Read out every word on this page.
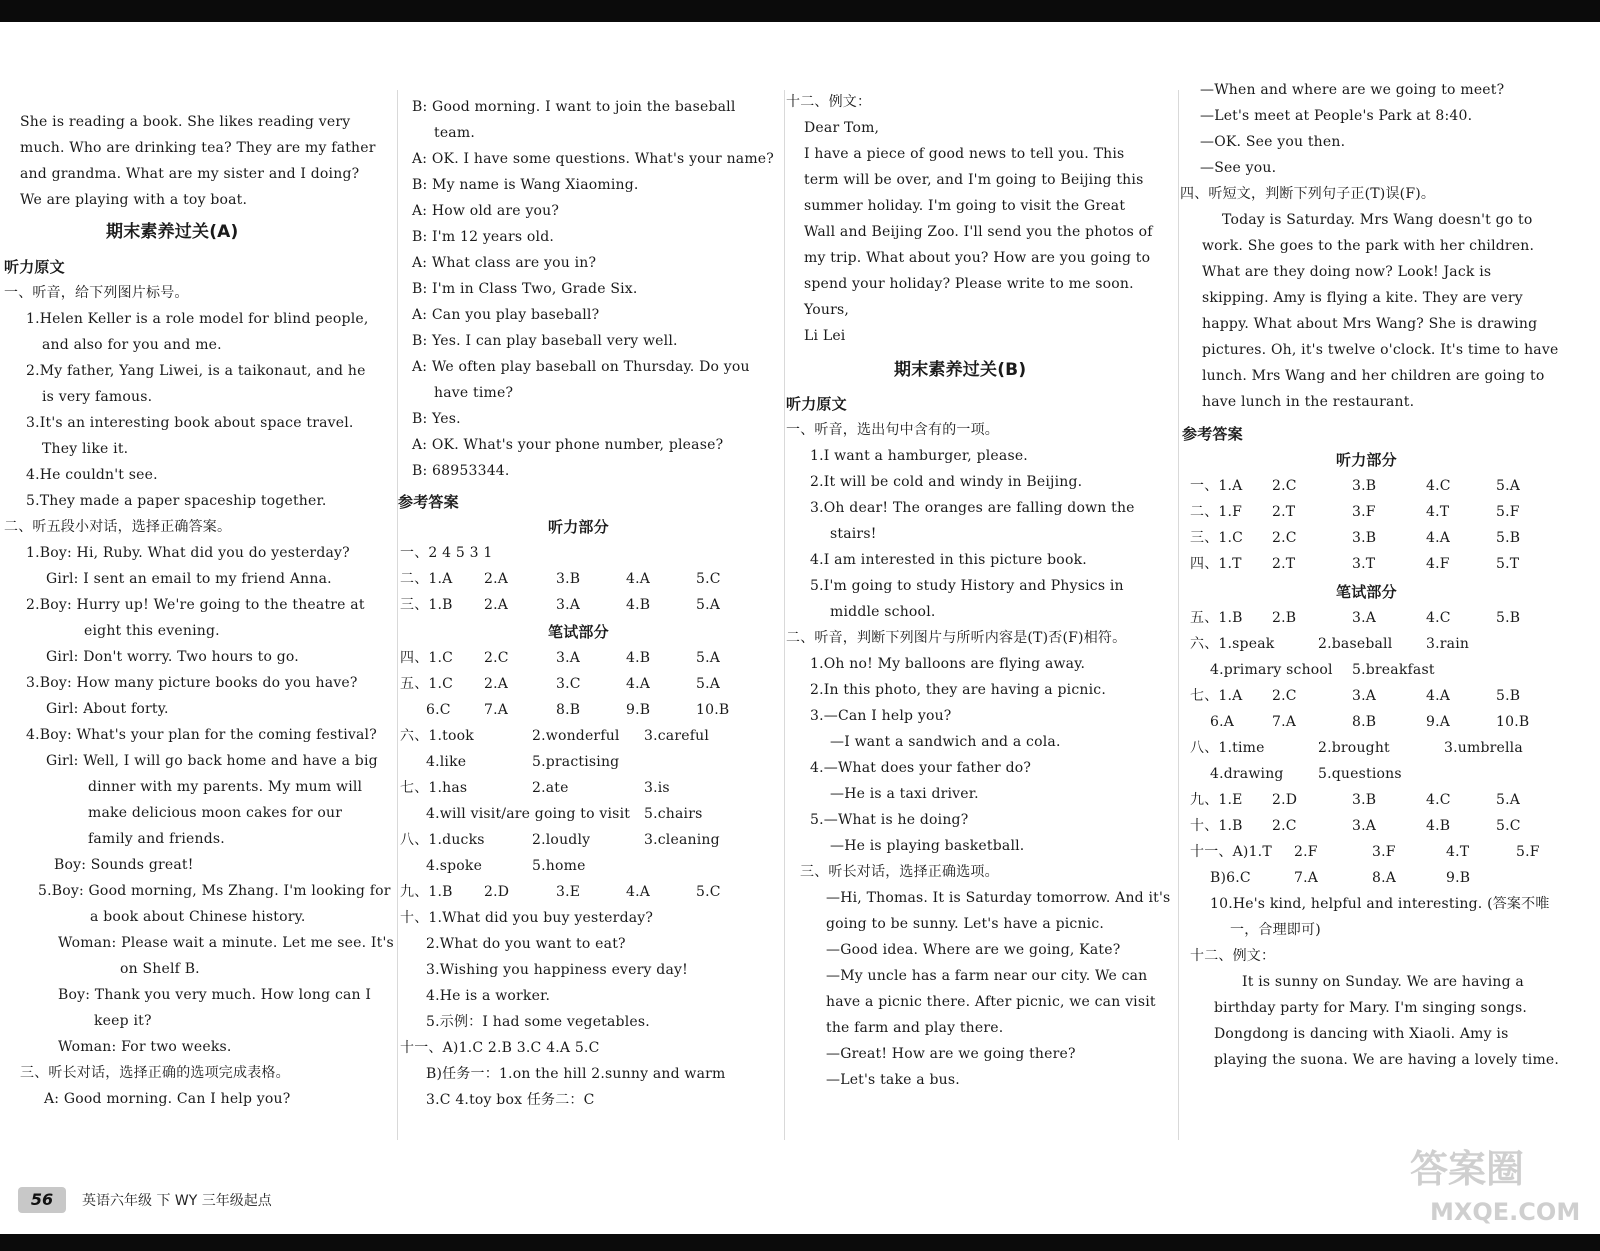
She is reading a book. She likes reading very
much. Who are drinking tea? They are my father
and grandma. What are my sister and I doing?
We are playing with a toy boat.
期末素养过关(A)
听力原文
一、听音，给下列图片标号。
1.Helen Keller is a role model for blind people,
and also for you and me.
2.My father, Yang Liwei, is a taikonaut, and he
is very famous.
3.It's an interesting book about space travel.
They like it.
4.He couldn't see.
5.They made a paper spaceship together.
二、听五段小对话，选择正确答案。
1.Boy: Hi, Ruby. What did you do yesterday?
Girl: I sent an email to my friend Anna.
2.Boy: Hurry up! We're going to the theatre at
eight this evening.
Girl: Don't worry. Two hours to go.
3.Boy: How many picture books do you have?
Girl: About forty.
4.Boy: What's your plan for the coming festival?
Girl: Well, I will go back home and have a big
dinner with my parents. My mum will
make delicious moon cakes for our
family and friends.
Boy: Sounds great!
5.Boy: Good morning, Ms Zhang. I'm looking for
a book about Chinese history.
Woman: Please wait a minute. Let me see. It's
on Shelf B.
Boy: Thank you very much. How long can I
keep it?
Woman: For two weeks.
三、听长对话，选择正确的选项完成表格。
A: Good morning. Can I help you?
B: Good morning. I want to join the baseball
team.
A: OK. I have some questions. What's your name?
B: My name is Wang Xiaoming.
A: How old are you?
B: I'm 12 years old.
A: What class are you in?
B: I'm in Class Two, Grade Six.
A: Can you play baseball?
B: Yes. I can play baseball very well.
A: We often play baseball on Thursday. Do you
have time?
B: Yes.
A: OK. What's your phone number, please?
B: 68953344.
参考答案
听力部分
一、2 4 5 3 1
二、1.A 2.A	3.B	4.A	5.C
三、1.B 2.A	3.A	4.B	5.A
笔试部分
四、1.C 2.C	3.A	4.B	5.A
五、1.C 2.A	3.C	4.A	5.A
6.C 7.A	8.B	9.B	10.B
六、1.took	2.wonderful 3.careful
4.like	5.practising
七、1.has	2.ate	3.is
4.will visit/are going to visit 5.chairs
八、1.ducks	2.loudly	3.cleaning
4.spoke	5.home
九、1.B 2.D	3.E	4.A	5.C
十、1.What did you buy yesterday?
2.What do you want to eat?
3.Wishing you happiness every day!
4.He is a worker.
5.示例：I had some vegetables.
十一、A)1.C 2.B 3.C 4.A 5.C
B)任务一：1.on the hill 2.sunny and warm
3.C 4.toy box 任务二：C
十二、例文：
Dear Tom,
I have a piece of good news to tell you. This
term will be over, and I'm going to Beijing this
summer holiday. I'm going to visit the Great
Wall and Beijing Zoo. I'll send you the photos of
my trip. What about you? How are you going to
spend your holiday? Please write to me soon.
Yours,
Li Lei
期末素养过关(B)
听力原文
一、听音，选出句中含有的一项。
1.I want a hamburger, please.
2.It will be cold and windy in Beijing.
3.Oh dear! The oranges are falling down the
stairs!
4.I am interested in this picture book.
5.I'm going to study History and Physics in
middle school.
二、听音，判断下列图片与所听内容是(T)否(F)相符。
1.Oh no! My balloons are flying away.
2.In this photo, they are having a picnic.
3.—Can I help you?
—I want a sandwich and a cola.
4.—What does your father do?
—He is a taxi driver.
5.—What is he doing?
—He is playing basketball.
三、听长对话，选择正确选项。
—Hi, Thomas. It is Saturday tomorrow. And it's
going to be sunny. Let's have a picnic.
—Good idea. Where are we going, Kate?
—My uncle has a farm near our city. We can
have a picnic there. After picnic, we can visit
the farm and play there.
—Great! How are we going there?
—Let's take a bus.
—When and where are we going to meet?
—Let's meet at People's Park at 8:40.
—OK. See you then.
—See you.
四、听短文，判断下列句子正(T)误(F)。
Today is Saturday. Mrs Wang doesn't go to
work. She goes to the park with her children.
What are they doing now? Look! Jack is
skipping. Amy is flying a kite. They are very
happy. What about Mrs Wang? She is drawing
pictures. Oh, it's twelve o'clock. It's time to have
lunch. Mrs Wang and her children are going to
have lunch in the restaurant.
参考答案
听力部分
一、1.A 2.C	3.B	4.C	5.A
二、1.F 2.T	3.F	4.T	5.F
三、1.C 2.C	3.B	4.A	5.B
四、1.T 2.T	3.T	4.F	5.T
笔试部分
五、1.B 2.B	3.A	4.C	5.B
六、1.speak	2.baseball 3.rain
4.primary school 5.breakfast
七、1.A 2.C	3.A	4.A	5.B
6.A	7.A	8.B	9.A	10.B
八、1.time	2.brought	3.umbrella
4.drawing 5.questions
九、1.E 2.D	3.B	4.C	5.A
十、1.B 2.C	3.A	4.B	5.C
十一、A)1.T 2.F	3.F	4.T	5.F
B)6.C	7.A	8.A	9.B
10.He's kind, helpful and interesting. (答案不唯
一，合理即可)
十二、例文：
It is sunny on Sunday. We are having a
birthday party for Mary. I'm singing songs.
Dongdong is dancing with Xiaoli. Amy is
playing the suona. We are having a lovely time.
56	英语六年级 下 WY 三年级起点
答案圈
MXQE.COM
